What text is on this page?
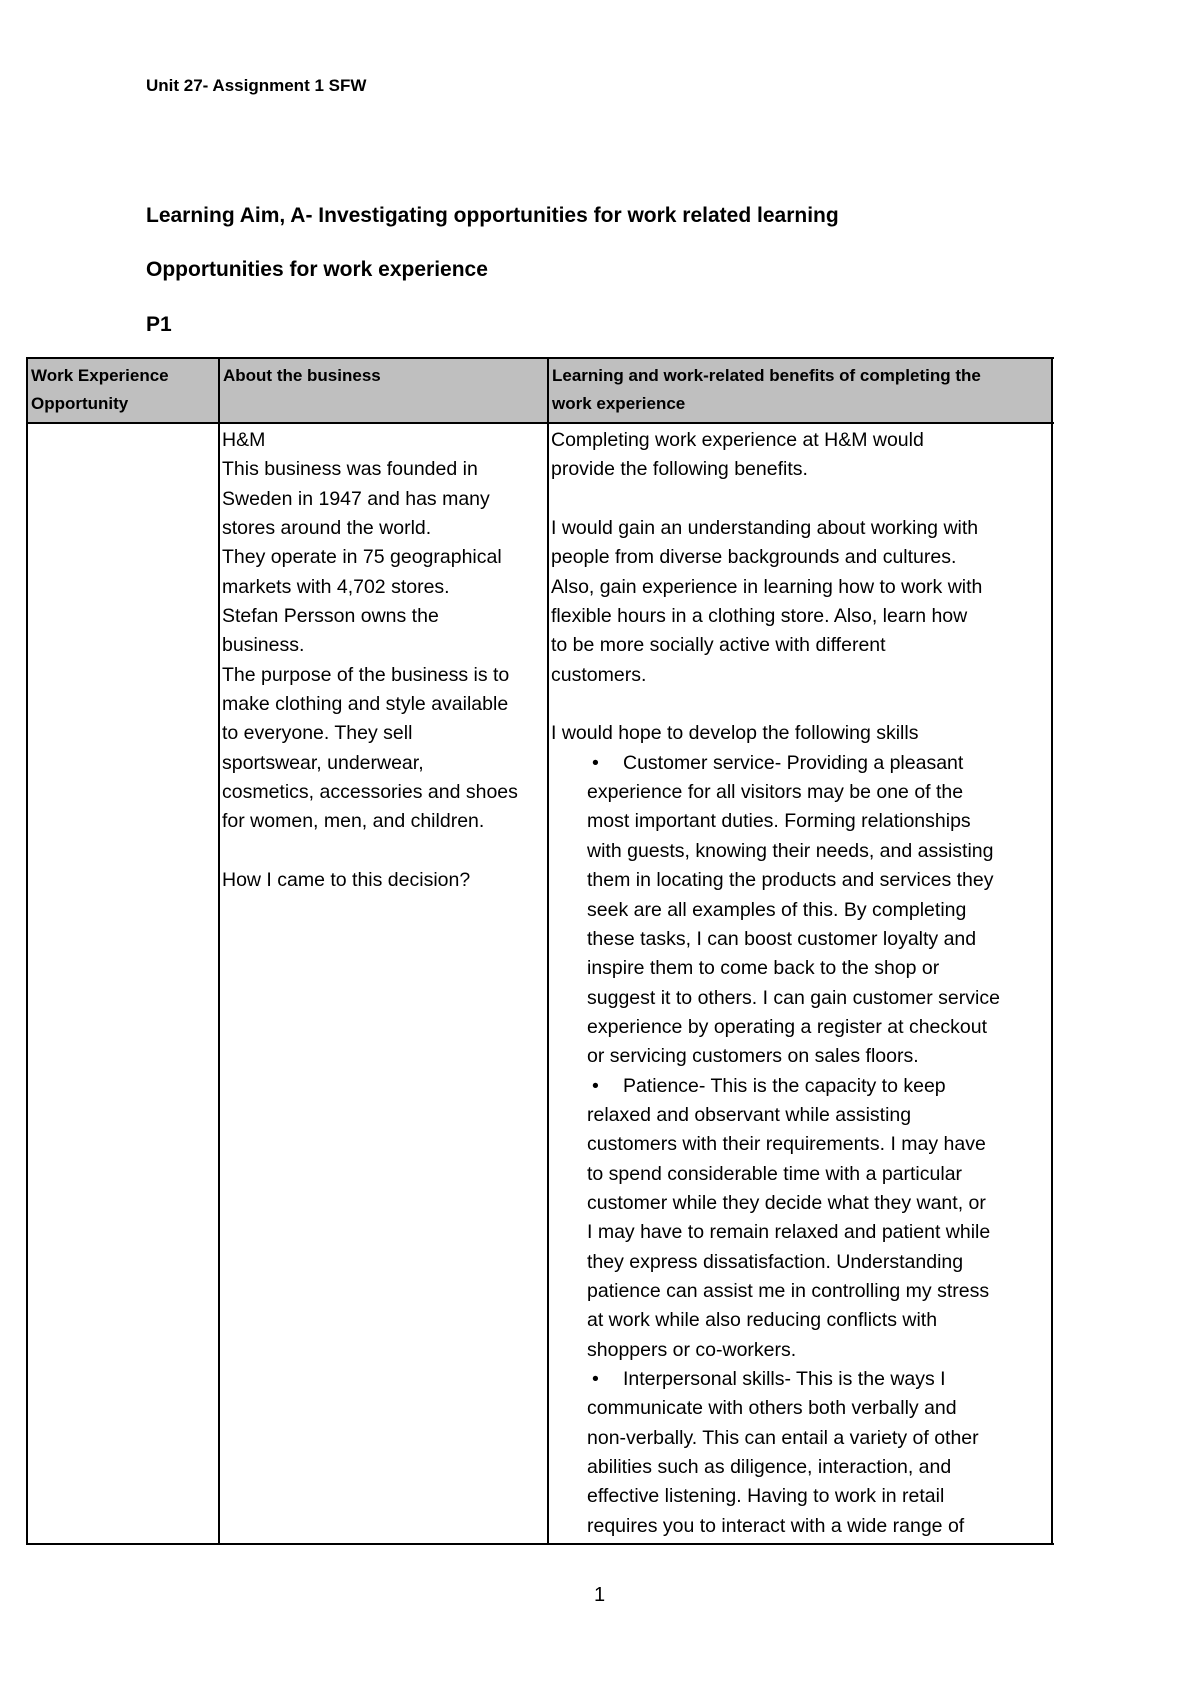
Unit 27- Assignment 1 SFW
Learning Aim, A- Investigating opportunities for work related learning
Opportunities for work experience
P1
Work Experience
Opportunity
About the business	Learning and work-related benefits of completing the
work experience
H&M
This business was founded in
Sweden in 1947 and has many
stores around the world.
They operate in 75 geographical
markets with 4,702 stores.
Stefan Persson owns the
business.
The purpose of the business is to
make clothing and style available
to everyone. They sell
sportswear, underwear,
cosmetics, accessories and shoes
for women, men, and children.
How I came to this decision?
Completing work experience at H&M would
provide the following benefits.
I would gain an understanding about working with
people from diverse backgrounds and cultures.
Also, gain experience in learning how to work with
flexible hours in a clothing store. Also, learn how
to be more socially active with different
customers.
I would hope to develop the following skills
• Customer service- Providing a pleasant
experience for all visitors may be one of the
most important duties. Forming relationships
with guests, knowing their needs, and assisting
them in locating the products and services they
seek are all examples of this. By completing
these tasks, I can boost customer loyalty and
inspire them to come back to the shop or
suggest it to others. I can gain customer service
experience by operating a register at checkout
or servicing customers on sales floors.
• Patience- This is the capacity to keep
relaxed and observant while assisting
customers with their requirements. I may have
to spend considerable time with a particular
customer while they decide what they want, or
I may have to remain relaxed and patient while
they express dissatisfaction. Understanding
patience can assist me in controlling my stress
at work while also reducing conflicts with
shoppers or co-workers.
• Interpersonal skills- This is the ways I
communicate with others both verbally and
non-verbally. This can entail a variety of other
abilities such as diligence, interaction, and
effective listening. Having to work in retail
requires you to interact with a wide range of
1
